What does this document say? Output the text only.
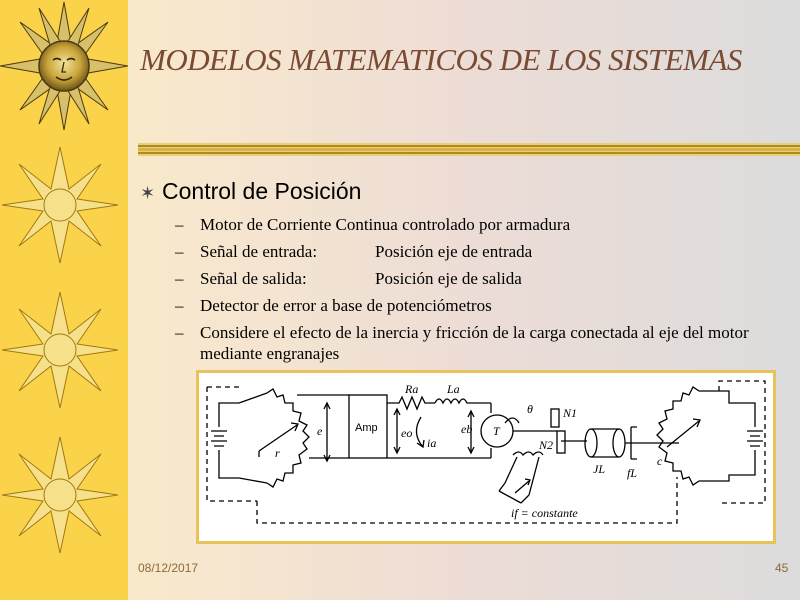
MODELOS MATEMATICOS DE LOS SISTEMAS
✶ Control de Posición
– Motor de Corriente Continua controlado por armadura
– Señal de entrada:	Posición eje de entrada
– Señal de salida:	Posición eje de salida
– Detector de error a base de potenciómetros
– Considere el efecto de la inercia y fricción de la carga conectada al eje del motor mediante engranajes
Amp
e
r
Ra La
eo
ia
eb T
θ	N1
N2
JL fL
c
if = constante
08/12/2017	45
